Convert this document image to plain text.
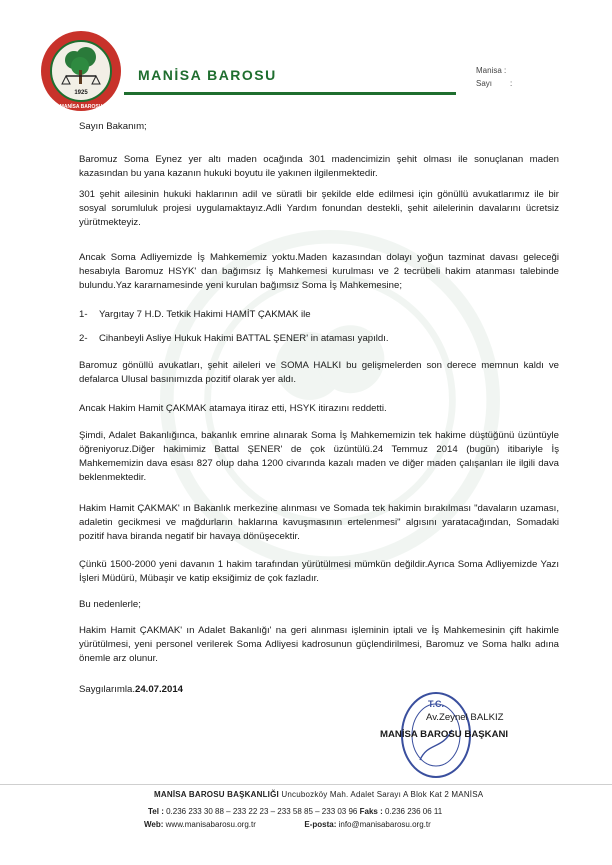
1925
MANİSA BAROSU
MANİSA BAROSU	Manisa :
Sayı :

Sayın Bakanım;

Baromuz Soma Eynez yer altı maden ocağında 301 madencimizin şehit olması ile sonuçlanan maden kazasından bu yana kazanın hukuki boyutu ile yakınen ilgilenmektedir.

301 şehit ailesinin hukuki haklarının adil ve süratli bir şekilde elde edilmesi için gönüllü avukatlarımız ile bir sosyal sorumluluk projesi uygulamaktayız.Adli Yardım fonundan destekli, şehit ailelerinin davalarını ücretsiz yürütmekteyiz.

Ancak Soma Adliyemizde İş Mahkememiz yoktu.Maden kazasından dolayı yoğun tazminat davası geleceği hesabıyla Baromuz HSYK' dan bağımsız İş Mahkemesi kurulması ve 2 tecrübeli hakim atanması talebinde bulundu.Yaz kararnamesinde yeni kurulan bağımsız Soma İş Mahkemesine;

1- Yargıtay 7 H.D. Tetkik Hakimi HAMİT ÇAKMAK ile

2- Cihanbeyli Asliye Hukuk Hakimi BATTAL ŞENER' in ataması yapıldı.

Baromuz gönüllü avukatları, şehit aileleri ve SOMA HALKI bu gelişmelerden son derece memnun kaldı ve defalarca Ulusal basınımızda pozitif olarak yer aldı.

Ancak Hakim Hamit ÇAKMAK atamaya itiraz etti, HSYK itirazını reddetti.

Şimdi, Adalet Bakanlığınca, bakanlık emrine alınarak Soma İş Mahkememizin tek hakime düştüğünü üzüntüyle öğreniyoruz.Diğer hakimimiz Battal ŞENER' de çok üzüntülü.24 Temmuz 2014 (bugün) itibariyle İş Mahkememizin dava esası 827 olup daha 1200 civarında kazalı maden ve diğer maden çalışanları ile ilgili dava beklenmektedir.

Hakim Hamit ÇAKMAK' ın Bakanlık merkezine alınması ve Somada tek hakimin bırakılması "davaların uzaması, adaletin gecikmesi ve mağdurların haklarına kavuşmasının ertelenmesi" algısını yaratacağından, Somadaki pozitif hava biranda negatif bir havaya dönüşecektir.

Çünkü 1500-2000 yeni davanın 1 hakim tarafından yürütülmesi mümkün değildir.Ayrıca Soma Adliyemizde Yazı İşleri Müdürü, Mübaşir ve katip eksiğimiz de çok fazladır.

Bu nedenlerle;

Hakim Hamit ÇAKMAK' ın Adalet Bakanlığı' na geri alınması işleminin iptali ve İş Mahkemesinin çift hakimle yürütülmesi, yeni personel verilerek Soma Adliyesi kadrosunun güçlendirilmesi, Baromuz ve Soma halkı adına önemle arz olunur.

Saygılarımla.24.07.2014

T.C.
Av.Zeynel BALKIZ
MANİSA BAROSU BAŞKANI
MANİSA BAROSU BAŞKANLIĞI Uncubozköy Mah. Adalet Sarayı A Blok Kat 2 MANİSA
Tel : 0.236 233 30 88 – 233 22 23 – 233 58 85 – 233 03 96 Faks : 0.236 236 06 11
Web: www.manisabarosu.org.tr	E-posta: info@manisabarosu.org.tr
